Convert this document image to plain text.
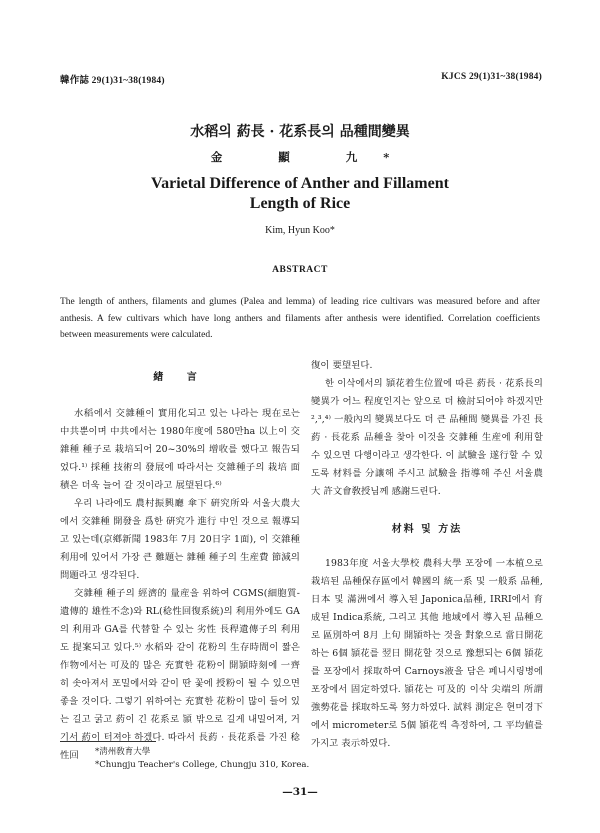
韓作誌 29(1)31~38(1984)	KJCS 29(1)31~38(1984)
水稻의 葯長 · 花系長의 品種間變異
金 顯 九*
Varietal Difference of Anther and Fillament
Length of Rice
Kim, Hyun Koo*
ABSTRACT
The length of anthers, filaments and glumes (Palea and lemma) of leading rice cultivars was measured before and after anthesis. A few cultivars which have long anthers and filaments after anthesis were identified. Correlation coefficients between measurements were calculated.
緖 言

水稻에서 交雜種이 實用化되고 있는 나라는 現在로는 中共뿐이며 中共에서는 1980年度에 580만ha 以上이 交雜種 種子로 栽培되어 20~30%의 增收를 했다고 報告되었다.¹⁾ 採種 技術의 發展에 따라서는 交雜種子의 栽培 面積은 더욱 늘어 갈 것이라고 展望된다.⁶⁾

우리 나라에도 農村振興廳 傘下 硏究所와 서울大農大에서 交雜種 開發을 爲한 硏究가 進行 中인 것으로 報導되고 있는데(京鄕新聞 1983年 7月 20日字 1面), 이 交雜種 利用에 있어서 가장 큰 難題는 雜種 種子의 生産費 節減의 問題라고 생각된다.

交雜種 種子의 經濟的 量産을 위하여 CGMS(細胞質-遺傳的 雄性不念)와 RL(稔性回復系統)의 利用外에도 GA의 利用과 GA를 代替할 수 있는 劣性 長稈遺傳子의 利用도 提案되고 있다.⁵⁾ 水稻와 같이 花粉의 生存時間이 짧은 作物에서는 可及的 많은 充實한 花粉이 開頴時刻에 一齊히 솟아져서 포밀에서와 같이 딴 꽃에 授粉이 될 수 있으면 좋을 것이다. 그렇기 위하여는 充實한 花粉이 많이 들어 있는 길고 굵고 葯이 긴 花系로 頴 밖으로 길게 내밀어져, 거기서 葯이 터져야 하겠다. 따라서 長葯 · 長花系를 가진 稔性回

復이 要望된다.

한 이삭에서의 頴花着生位置에 따른 葯長 · 花系長의 變異가 어느 程度인지는 앞으로 더 檢討되어야 하겠지만²,³,⁴⁾ 一般內의 變異보다도 더 큰 品種間 變異를 가진 長葯 · 長花系 品種을 찾아 이것을 交雜種 生産에 利用할 수 있으면 다행이라고 생각한다. 이 試驗을 遂行할 수 있도록 材料를 分讓해 주시고 試驗을 指導해 주신 서울農大 許文會敎授님께 感謝드린다.

材料 및 方法

1983年度 서울大學校 農科大學 포장에 一本植으로 栽培된 品種保存區에서 韓國의 統一系 및 一般系 品種, 日本 및 滿洲에서 導入된 Japonica品種, IRRI에서 育成된 Indica系統, 그리고 其他 地域에서 導入된 品種으로 區別하여 8月 上旬 開頴하는 것을 對象으로 當日開花하는 6個 頴花를 翌日 開花할 것으로 豫想되는 6個 頴花를 포장에서 採取하여 Carnoys液을 담은 페니시링병에 포장에서 固定하였다. 頴花는 可及的 이삭 尖端의 所謂 強勢花를 採取하도록 努力하였다. 試料 測定은 현미경下에서 micrometer로 5個 頴花씩 측정하여, 그 平均値를 가지고 表示하였다.

*淸州敎育大學
*Chungju Teacher's College, Chungju 310, Korea.
—31—
